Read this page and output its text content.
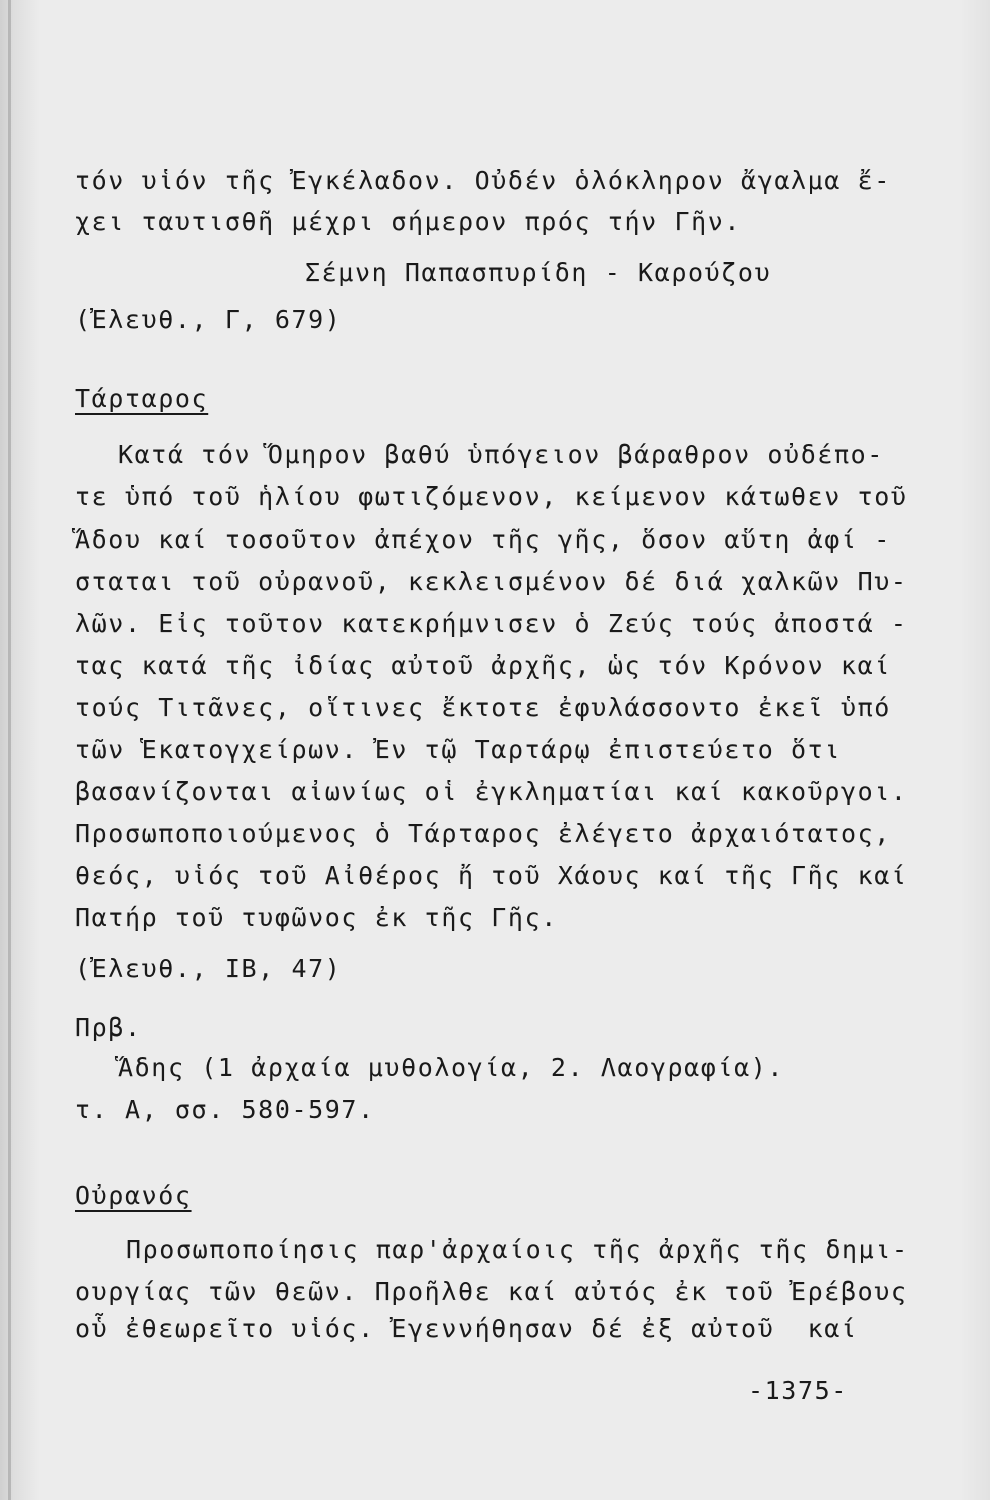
τόν υἱόν τῆς Ἐγκέλαδον. Οὐδέν ὁλόκληρον ἄγαλμα ἔ-
χει ταυτισθῆ μέχρι σήμερον πρός τήν Γῆν.
Σέμνη Παπασπυρίδη - Καρούζου
(Ἐλευθ., Γ, 679)
Τάρταρος
Κατά τόν Ὅμηρον βαθύ ὑπόγειον βάραθρον οὐδέπο-
τε ὑπό τοῦ ἡλίου φωτιζόμενον, κείμενον κάτωθεν τοῦ
Ἅδου καί τοσοῦτον ἀπέχον τῆς γῆς, ὅσον αὕτη ἀφί -
σταται τοῦ οὐρανοῦ, κεκλεισμένον δέ διά χαλκῶν Πυ-
λῶν. Εἰς τοῦτον κατεκρήμνισεν ὁ Ζεύς τούς ἀποστά -
τας κατά τῆς ἰδίας αὐτοῦ ἀρχῆς, ὡς τόν Κρόνον καί
τούς Τιτᾶνες, οἵτινες ἔκτοτε ἐφυλάσσοντο ἐκεῖ ὑπό
τῶν Ἑκατογχείρων. Ἐν τῷ Ταρτάρῳ ἐπιστεύετο ὅτι
βασανίζονται αἰωνίως οἱ ἐγκληματίαι καί κακοῦργοι.
Προσωποποιούμενος ὁ Τάρταρος ἐλέγετο ἀρχαιότατος,
θεός, υἱός τοῦ Αἰθέρος ἤ τοῦ Χάους καί τῆς Γῆς καί
Πατήρ τοῦ τυφῶνος ἐκ τῆς Γῆς.
(Ἐλευθ., ΙΒ, 47)
Πρβ.
Ἅδης (1 ἀρχαία μυθολογία, 2. Λαογραφία).
τ. Α, σσ. 580-597.
Οὐρανός
Προσωποποίησις παρ'ἀρχαίοις τῆς ἀρχῆς τῆς δημι-
ουργίας τῶν θεῶν. Προῆλθε καί αὐτός ἐκ τοῦ Ἐρέβους
οὗ ἐθεωρεῖτο υἱός. Ἐγεννήθησαν δέ ἐξ αὐτοῦ  καί
-1375-
